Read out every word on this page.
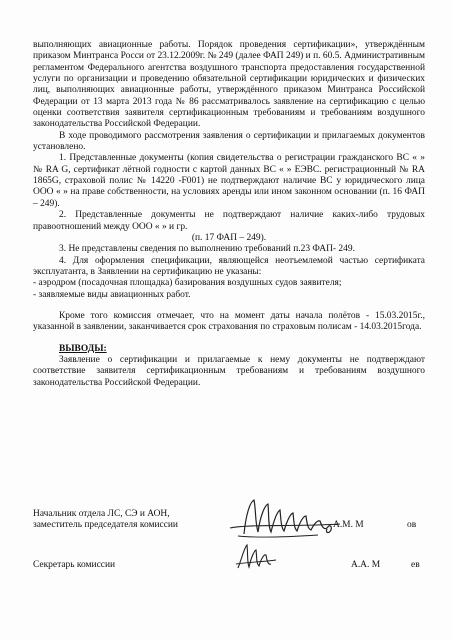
выполняющих авиационные работы. Порядок проведения сертификации», утверждённым приказом Минтранса Росси от 23.12.2009г. № 249 (далее ФАП 249) и п. 60.5. Административным регламентом Федерального агентства воздушного транспорта предоставления государственной услуги по организации и проведению обязательной сертификации юридических и физических лиц, выполняющих авиационные работы, утверждённого приказом Минтранса Российской Федерации от 13 марта 2013 года № 86 рассматривалось заявление на сертификацию с целью оценки соответствия заявителя сертификационным требованиям и требованиям воздушного законодательства Российской Федерации.

В ходе проводимого рассмотрения заявления о сертификации и прилагаемых документов установлено.

1. Представленные документы (копия свидетельства о регистрации гражданского ВС « » № RA G, сертификат лётной годности с картой данных ВС « » ЕЭВС. регистрационный № RA 1865G, страховой полис № 14220 -F001) не подтверждают наличие ВС у юридического лица ООО « » на праве собственности, на условиях аренды или ином законном основании (п. 16 ФАП – 249).

2. Представленные документы не подтверждают наличие каких-либо трудовых правоотношений между ООО « » и гр.

(п. 17 ФАП – 249).

3. Не представлены сведения по выполнению требований п.23 ФАП- 249.

4. Для оформления спецификации, являющейся неотъемлемой частью сертификата эксплуатанта, в Заявлении на сертификацию не указаны:

- аэродром (посадочная площадка) базирования воздушных судов заявителя;

- заявляемые виды авиационных работ.

Кроме того комиссия отмечает, что на момент даты начала полётов - 15.03.2015г., указанной в заявлении, заканчивается срок страхования по страховым полисам - 14.03.2015года.

ВЫВОДЫ:

Заявление о сертификации и прилагаемые к нему документы не подтверждают соответствие заявителя сертификационным требованиям и требованиям воздушного законодательства Российской Федерации.

Начальник отдела ЛС, СЭ и АОН,
заместитель председателя комиссии	А.М. М	ов
Секретарь комиссии	А.А. М	ев
